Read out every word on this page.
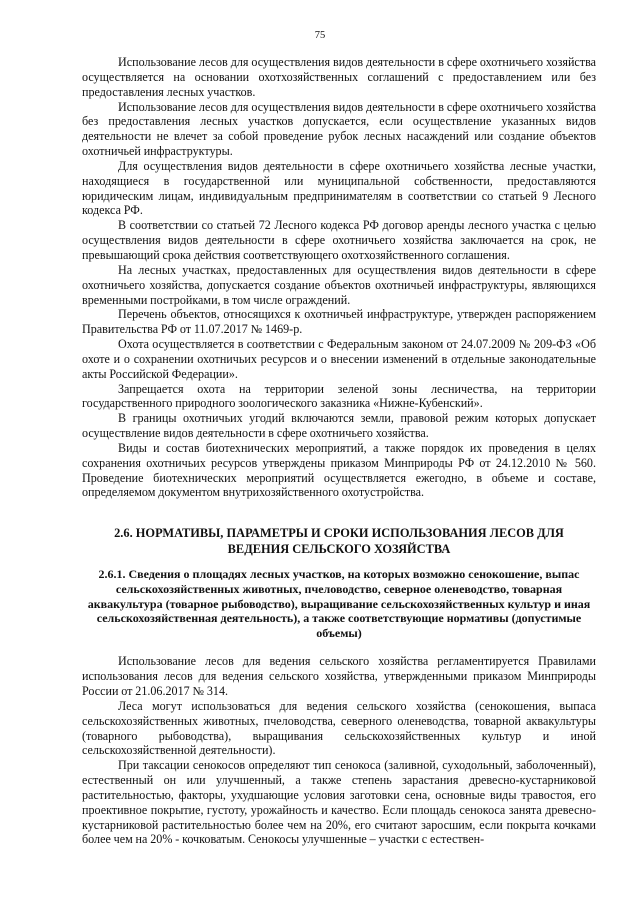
75

Использование лесов для осуществления видов деятельности в сфере охотничьего хозяйства осуществляется на основании охотхозяйственных соглашений с предоставлением или без предоставления лесных участков.

Использование лесов для осуществления видов деятельности в сфере охотничьего хозяйства без предоставления лесных участков допускается, если осуществление указанных видов деятельности не влечет за собой проведение рубок лесных насаждений или создание объектов охотничьей инфраструктуры.

Для осуществления видов деятельности в сфере охотничьего хозяйства лесные участки, находящиеся в государственной или муниципальной собственности, предоставляются юридическим лицам, индивидуальным предпринимателям в соответствии со статьей 9 Лесного кодекса РФ.

В соответствии со статьей 72 Лесного кодекса РФ договор аренды лесного участка с целью осуществления видов деятельности в сфере охотничьего хозяйства заключается на срок, не превышающий срока действия соответствующего охотхозяйственного соглашения.

На лесных участках, предоставленных для осуществления видов деятельности в сфере охотничьего хозяйства, допускается создание объектов охотничьей инфраструктуры, являющихся временными постройками, в том числе ограждений.

Перечень объектов, относящихся к охотничьей инфраструктуре, утвержден распоряжением Правительства РФ от 11.07.2017 № 1469-р.

Охота осуществляется в соответствии с Федеральным законом от 24.07.2009 № 209-ФЗ «Об охоте и о сохранении охотничьих ресурсов и о внесении изменений в отдельные законодательные акты Российской Федерации».

Запрещается охота на территории зеленой зоны лесничества, на территории государственного природного зоологического заказника «Нижне-Кубенский».

В границы охотничьих угодий включаются земли, правовой режим которых допускает осуществление видов деятельности в сфере охотничьего хозяйства.

Виды и состав биотехнических мероприятий, а также порядок их проведения в целях сохранения охотничьих ресурсов утверждены приказом Минприроды РФ от 24.12.2010 № 560. Проведение биотехнических мероприятий осуществляется ежегодно, в объеме и составе, определяемом документом внутрихозяйственного охотустройства.

2.6. НОРМАТИВЫ, ПАРАМЕТРЫ И СРОКИ ИСПОЛЬЗОВАНИЯ ЛЕСОВ ДЛЯ ВЕДЕНИЯ СЕЛЬСКОГО ХОЗЯЙСТВА
2.6.1. Сведения о площадях лесных участков, на которых возможно сенокошение, выпас сельскохозяйственных животных, пчеловодство, северное оленеводство, товарная аквакультура (товарное рыбоводство), выращивание сельскохозяйственных культур и иная сельскохозяйственная деятельность), а также соответствующие нормативы (допустимые объемы)

Использование лесов для ведения сельского хозяйства регламентируется Правилами использования лесов для ведения сельского хозяйства, утвержденными приказом Минприроды России от 21.06.2017 № 314.

Леса могут использоваться для ведения сельского хозяйства (сенокошения, выпаса сельскохозяйственных животных, пчеловодства, северного оленеводства, товарной аквакультуры (товарного рыбоводства), выращивания сельскохозяйственных культур и иной сельскохозяйственной деятельности).

При таксации сенокосов определяют тип сенокоса (заливной, суходольный, заболоченный), естественный он или улучшенный, а также степень зарастания древесно-кустарниковой растительностью, факторы, ухудшающие условия заготовки сена, основные виды травостоя, его проективное покрытие, густоту, урожайность и качество. Если площадь сенокоса занята древесно-кустарниковой растительностью более чем на 20%, его считают заросшим, если покрыта кочками более чем на 20% - кочковатым. Сенокосы улучшенные – участки с естествен-
